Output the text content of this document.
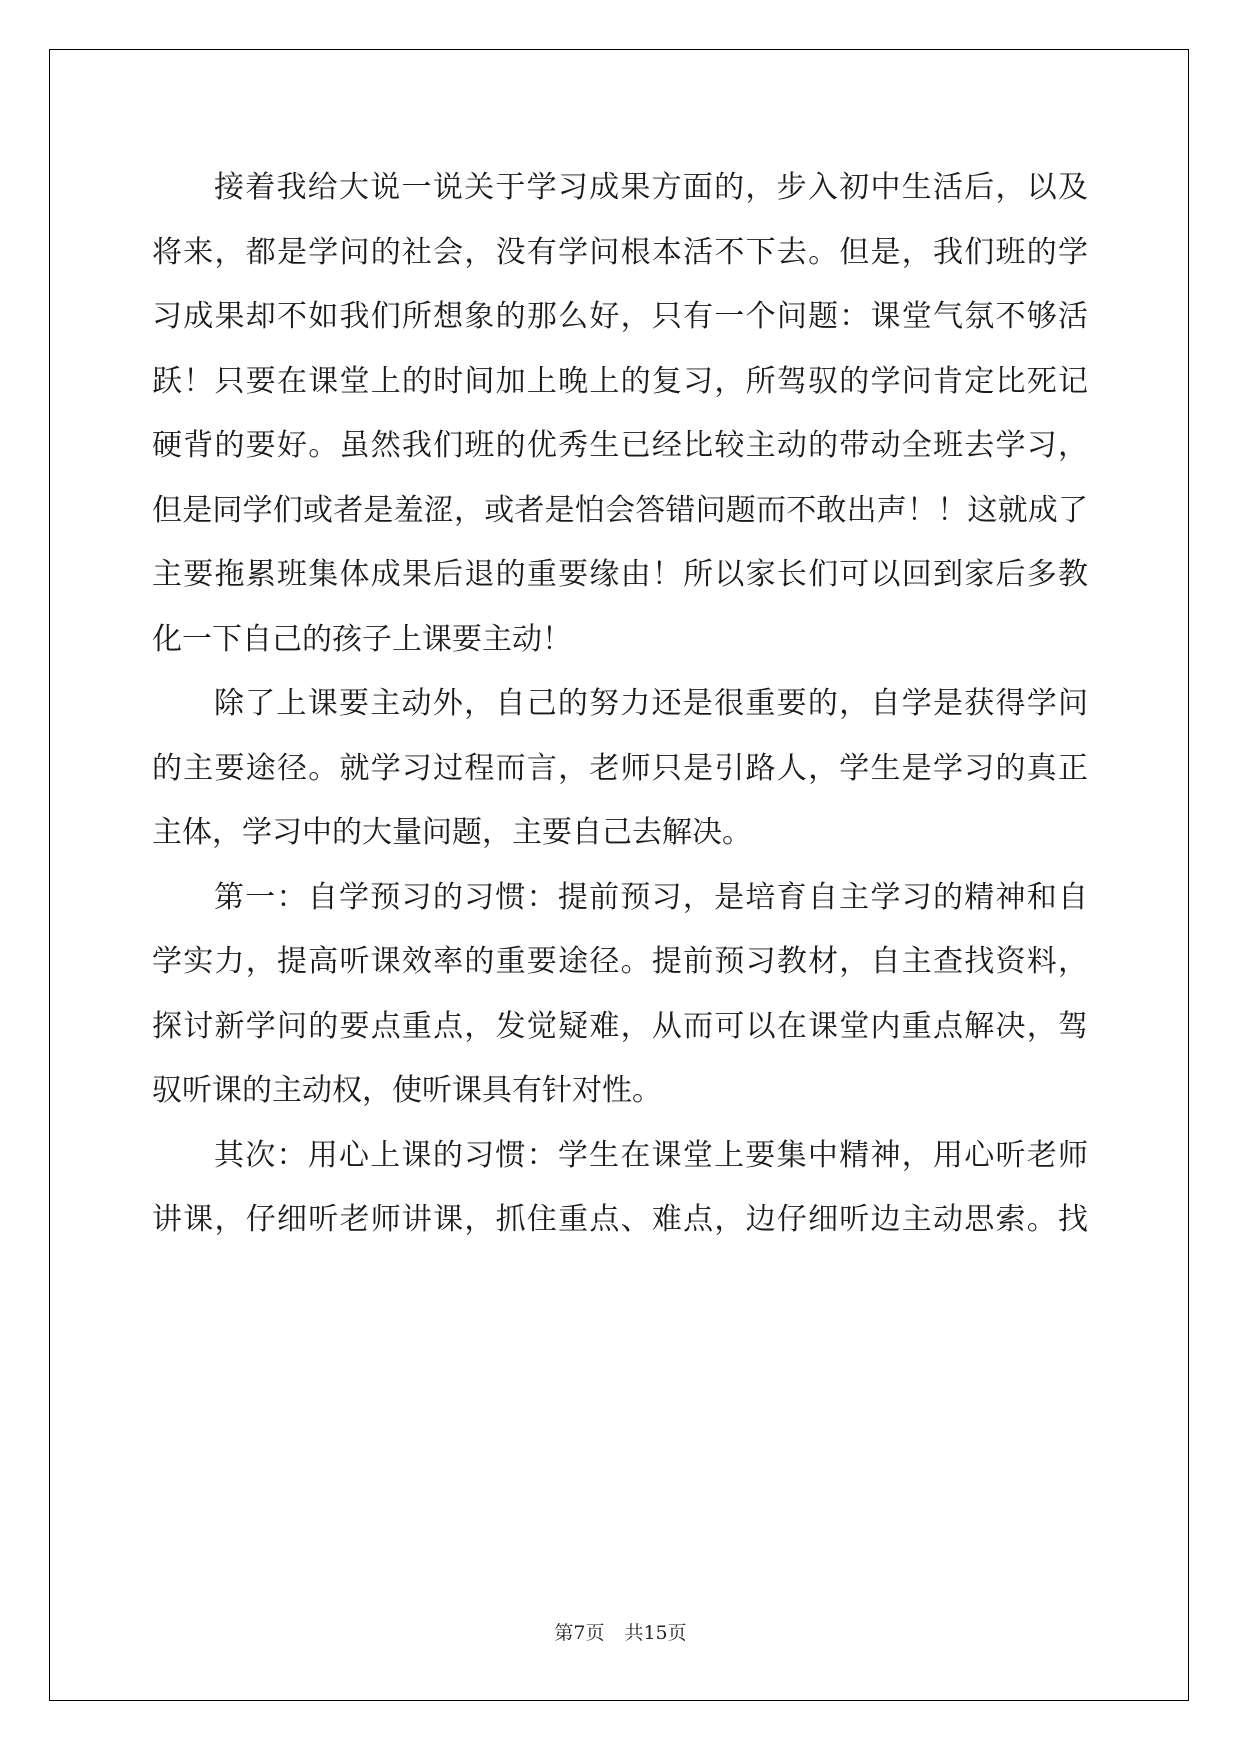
接着我给大说一说关于学习成果方面的，步入初中生活后，以及
将来，都是学问的社会，没有学问根本活不下去。但是，我们班的学
习成果却不如我们所想象的那么好，只有一个问题：课堂气氛不够活
跃！只要在课堂上的时间加上晚上的复习，所驾驭的学问肯定比死记
硬背的要好。虽然我们班的优秀生已经比较主动的带动全班去学习，
但是同学们或者是羞涩，或者是怕会答错问题而不敢出声！！这就成了
主要拖累班集体成果后退的重要缘由！所以家长们可以回到家后多教
化一下自己的孩子上课要主动！
除了上课要主动外，自己的努力还是很重要的，自学是获得学问
的主要途径。就学习过程而言，老师只是引路人，学生是学习的真正
主体，学习中的大量问题，主要自己去解决。
第一：自学预习的习惯：提前预习，是培育自主学习的精神和自
学实力，提高听课效率的重要途径。提前预习教材，自主查找资料，
探讨新学问的要点重点，发觉疑难，从而可以在课堂内重点解决，驾
驭听课的主动权，使听课具有针对性。
其次：用心上课的习惯：学生在课堂上要集中精神，用心听老师
讲课，仔细听老师讲课，抓住重点、难点，边仔细听边主动思索。找
第7页 共15页
